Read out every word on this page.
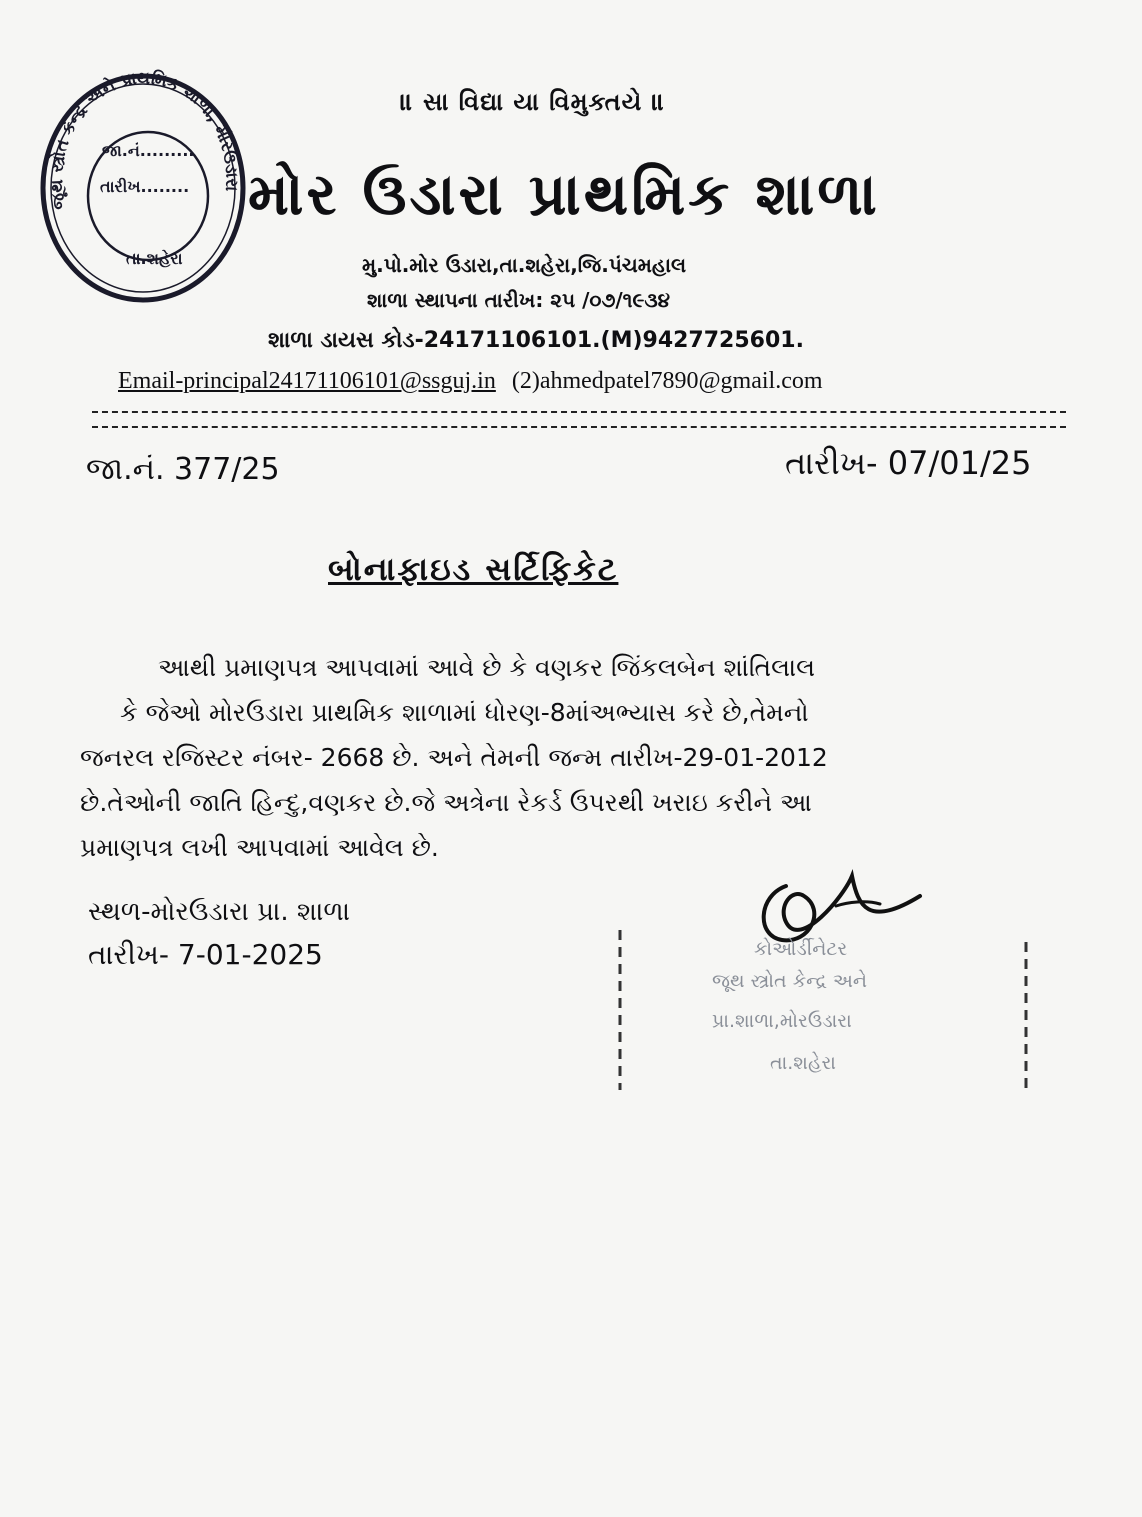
જૂથ સ્ત્રોત કેન્દ્ર અને પ્રાથમિક શાળા, મોરઉડારા
જા.નં.........
તારીખ........
તા.શહેરા
॥ સા વિદ્યા યા વિમુક્તયે ॥
મોર ઉડારા પ્રાથમિક શાળા
મુ.પો.મોર ઉડારા,તા.શહેરા,જિ.પંચમહાલ
શાળા સ્થાપના તારીખ: ૨૫ /૦૭/૧૯૩૪
શાળા ડાયસ કોડ-24171106101.(M)9427725601.
Email-principal24171106101@ssguj.in (2)ahmedpatel7890@gmail.com
જા.નં. 377/25	તારીખ- 07/01/25
બોનાફાઇડ સર્ટિફિકેટ
આથી પ્રમાણપત્ર આપવામાં આવે છે કે વણકર જિંકલબેન શાંતિલાલ
કે જેઓ મોરઉડારા પ્રાથમિક શાળામાં ધોરણ-8માંઅભ્યાસ કરે છે,તેમનો
જનરલ રજિસ્ટર નંબર- 2668 છે. અને તેમની જન્મ તારીખ-29-01-2012
છે.તેઓની જાતિ હિન્દુ,વણકર છે.જે અત્રેના રેકર્ડ ઉપરથી ખરાઇ કરીને આ
પ્રમાણપત્ર લખી આપવામાં આવેલ છે.
સ્થળ-મોરઉડારા પ્રા. શાળા
તારીખ- 7-01-2025	કોઓર્ડીનેટર
જૂથ સ્ત્રોત કેન્દ્ર અને
પ્રા.શાળા,મોરઉડારા
તા.શહેરા
